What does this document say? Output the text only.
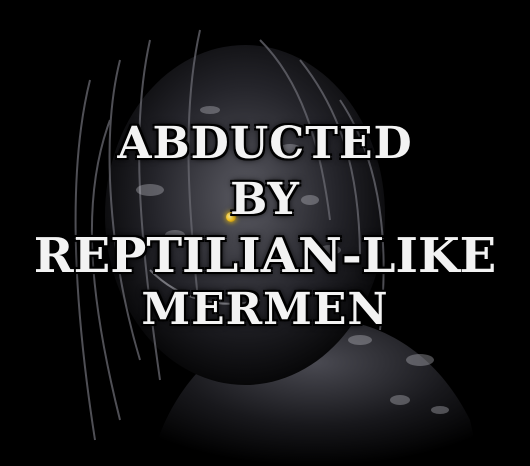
ABDUCTED
BY
REPTILIAN-LIKE
MERMEN
